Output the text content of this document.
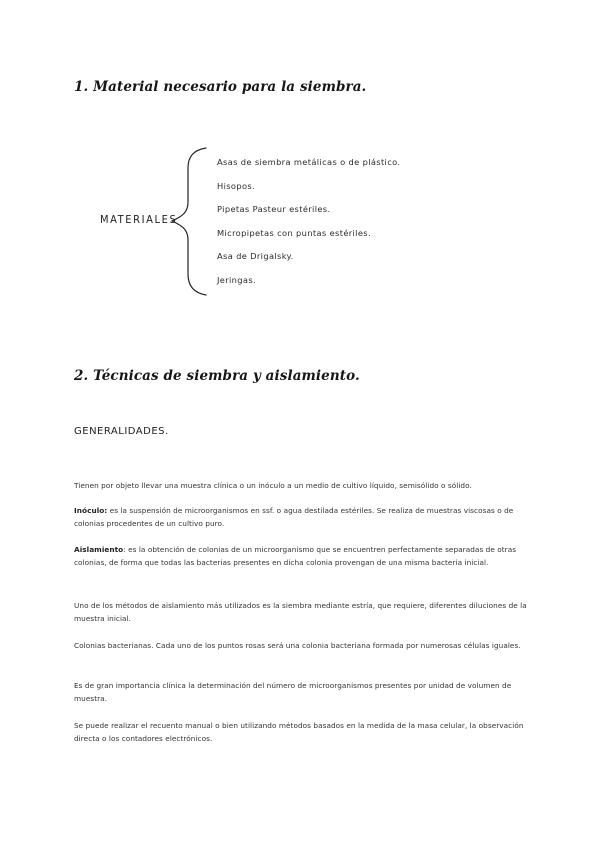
1. Material necesario para la siembra.
MATERIALES
Asas de siembra metálicas o de plástico.
Hisopos.
Pipetas Pasteur estériles.
Micropipetas con puntas estériles.
Asa de Drigalsky.
Jeringas.
2. Técnicas de siembra y aislamiento.
GENERALIDADES.

Tienen por objeto llevar una muestra clínica o un inóculo a un medio de cultivo líquido, semisólido o sólido.

Inóculo: es la suspensión de microorganismos en ssf. o agua destilada estériles. Se realiza de muestras viscosas o de colonias procedentes de un cultivo puro.

Aislamiento: es la obtención de colonias de un microorganismo que se encuentren perfectamente separadas de otras colonias, de forma que todas las bacterias presentes en dicha colonia provengan de una misma bacteria inicial.

Uno de los métodos de aislamiento más utilizados es la siembra mediante estría, que requiere, diferentes diluciones de la muestra inicial.

Colonias bacterianas. Cada uno de los puntos rosas será una colonia bacteriana formada por numerosas células iguales.

Es de gran importancia clínica la determinación del número de microorganismos presentes por unidad de volumen de muestra.

Se puede realizar el recuento manual o bien utilizando métodos basados en la medida de la masa celular, la observación directa o los contadores electrónicos.
